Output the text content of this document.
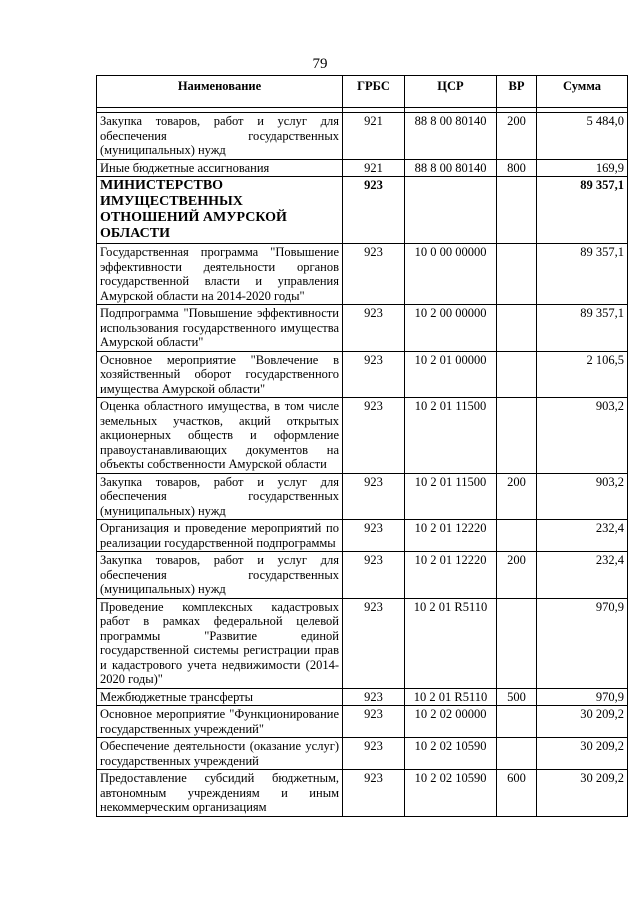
79
Наименование	ГРБС	ЦСР	ВР	Сумма

Закупка товаров, работ и услуг для обеспечения государственных (муниципальных) нужд	921	88 8 00 80140	200	5 484,0
Иные бюджетные ассигнования	921	88 8 00 80140	800	169,9
МИНИСТЕРСТВО ИМУЩЕСТВЕННЫХ ОТНОШЕНИЙ АМУРСКОЙ ОБЛАСТИ	923			89 357,1
Государственная программа "Повышение эффективности деятельности органов государственной власти и управления Амурской области на 2014-2020 годы"	923	10 0 00 00000		89 357,1
Подпрограмма "Повышение эффективности использования государственного имущества Амурской области"	923	10 2 00 00000		89 357,1
Основное мероприятие "Вовлечение в хозяйственный оборот государственного имущества Амурской области"	923	10 2 01 00000		2 106,5
Оценка областного имущества, в том числе земельных участков, акций открытых акционерных обществ и оформление правоустанавливающих документов на объекты собственности Амурской области	923	10 2 01 11500		903,2
Закупка товаров, работ и услуг для обеспечения государственных (муниципальных) нужд	923	10 2 01 11500	200	903,2
Организация и проведение мероприятий по реализации государственной подпрограммы	923	10 2 01 12220		232,4
Закупка товаров, работ и услуг для обеспечения государственных (муниципальных) нужд	923	10 2 01 12220	200	232,4
Проведение комплексных кадастровых работ в рамках федеральной целевой программы "Развитие единой государственной системы регистрации прав и кадастрового учета недвижимости (2014-2020 годы)"	923	10 2 01 R5110		970,9
Межбюджетные трансферты	923	10 2 01 R5110	500	970,9
Основное мероприятие "Функционирование государственных учреждений"	923	10 2 02 00000		30 209,2
Обеспечение деятельности (оказание услуг) государственных учреждений	923	10 2 02 10590		30 209,2
Предоставление субсидий бюджетным, автономным учреждениям и иным некоммерческим организациям	923	10 2 02 10590	600	30 209,2
